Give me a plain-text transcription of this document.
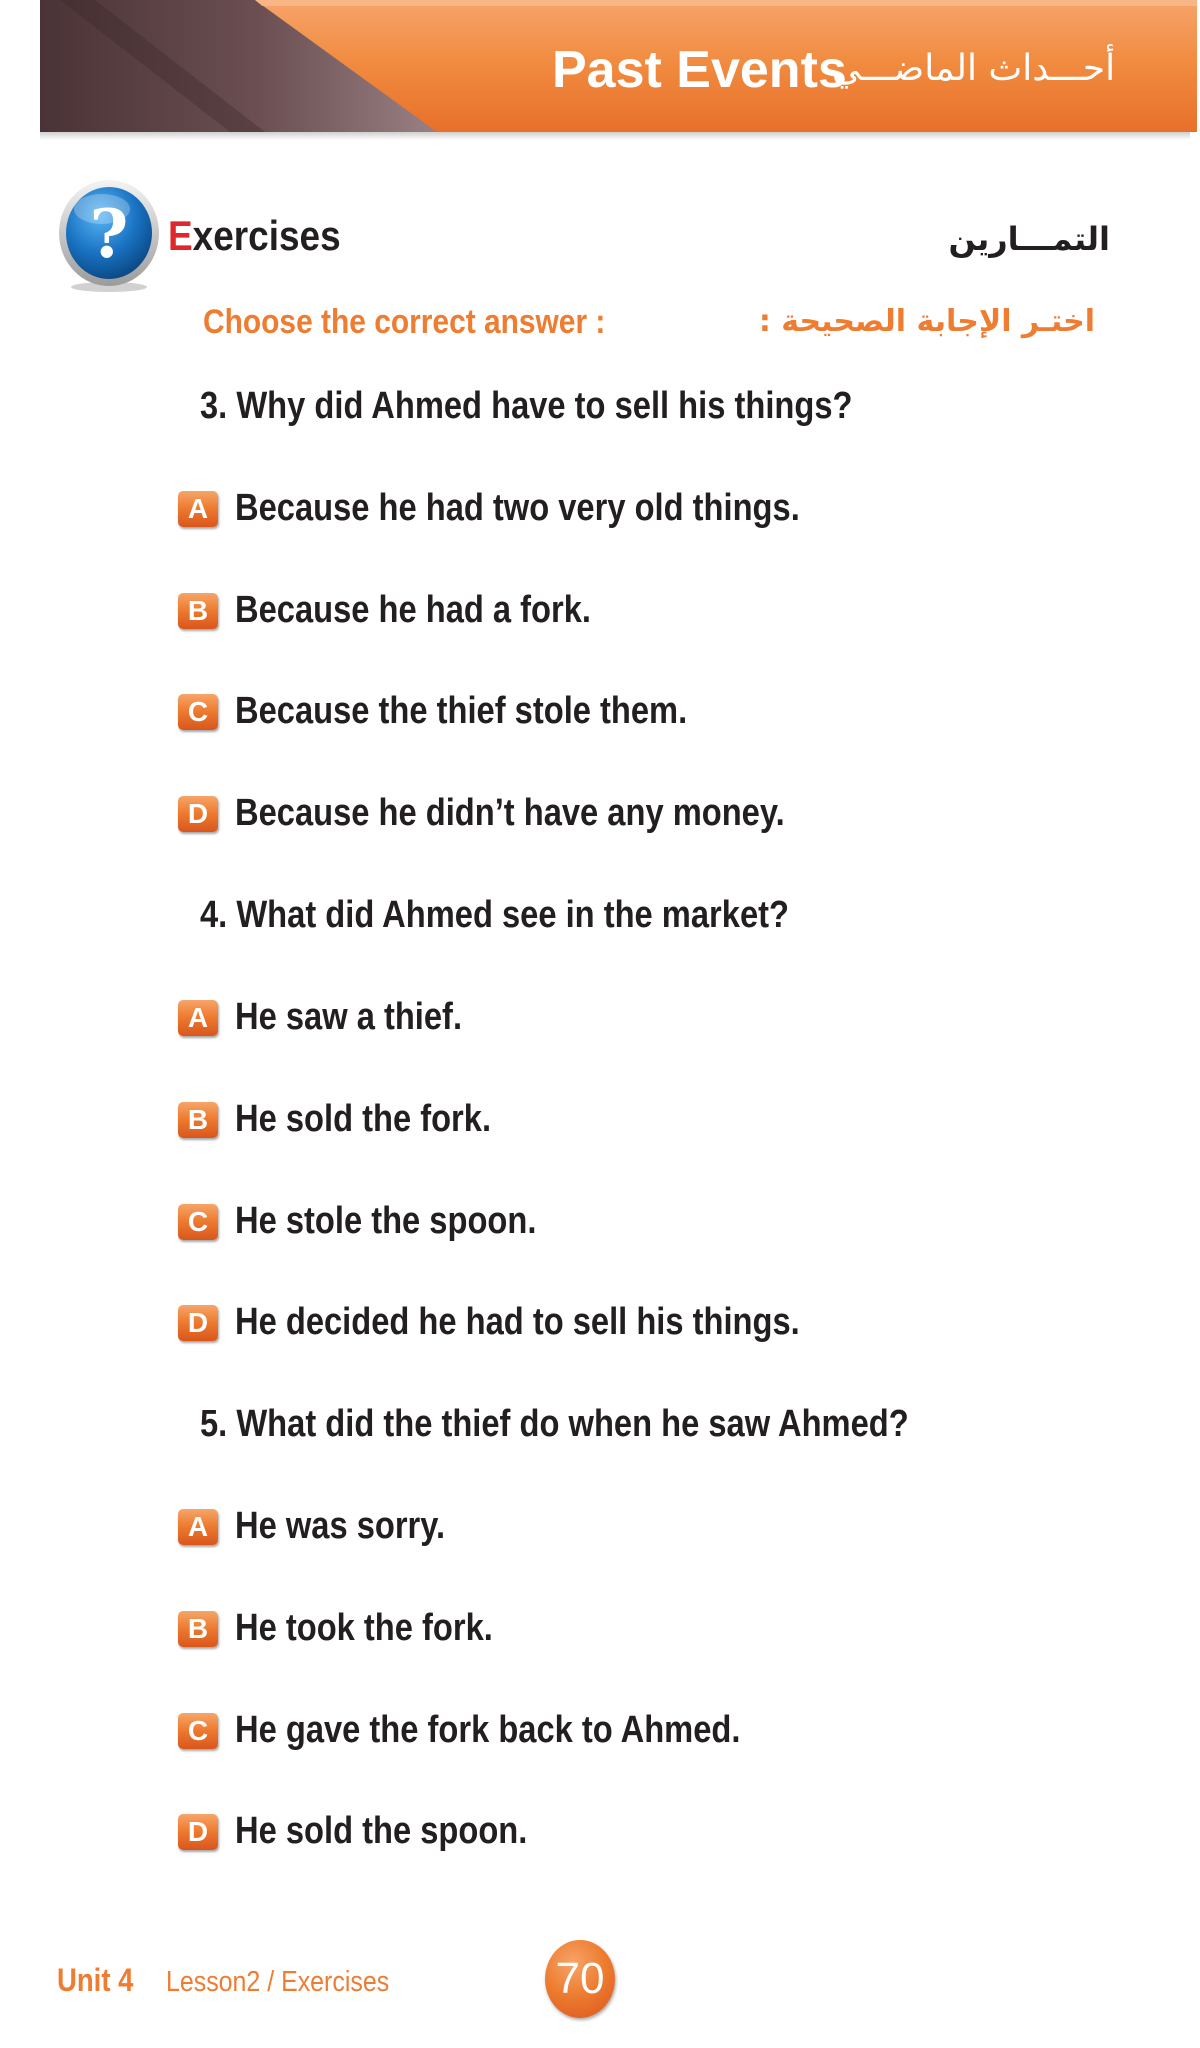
Past Events
أحـــداث الماضـــي
? Exercises	التمـــارين
Choose the correct answer :	اختـر الإجابة الصحيحة :
3. Why did Ahmed have to sell his things?
A Because he had two very old things.
B Because he had a fork.
C Because the thief stole them.
D Because he didn’t have any money.
4. What did Ahmed see in the market?
A He saw a thief.
B He sold the fork.
C He stole the spoon.
D He decided he had to sell his things.
5. What did the thief do when he saw Ahmed?
A He was sorry.
B He took the fork.
C He gave the fork back to Ahmed.
D He sold the spoon.
Unit 4 Lesson2 / Exercises	70
